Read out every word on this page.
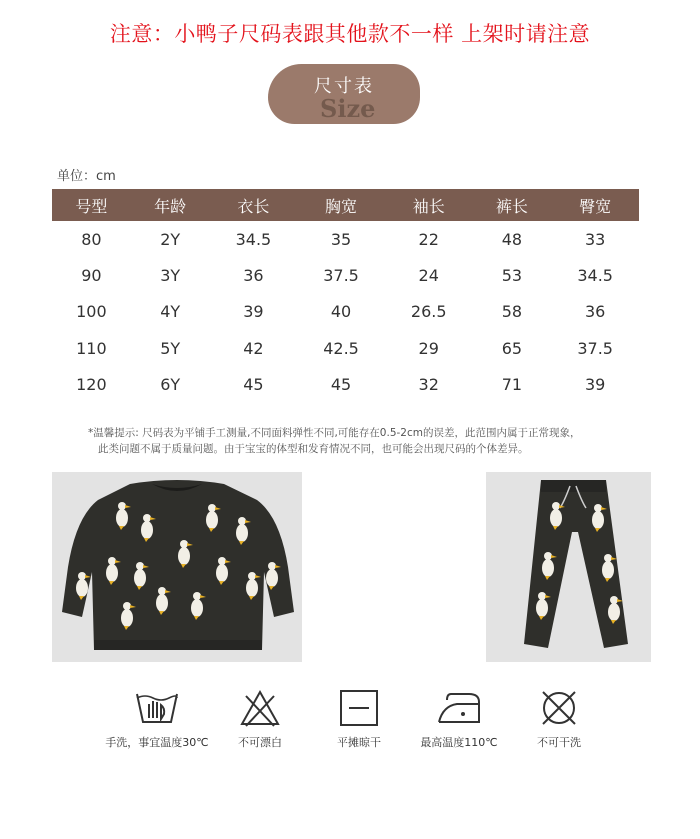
注意：小鸭子尺码表跟其他款不一样 上架时请注意
尺寸表
Size
单位：cm
号型	年龄	衣长	胸宽	袖长	裤长	臀宽
80	2Y	34.5	35	22	48	33
90	3Y	36	37.5	24	53	34.5
100	4Y	39	40	26.5	58	36
110	5Y	42	42.5	29	65	37.5
120	6Y	45	45	32	71	39
*温馨提示: 尺码表为平铺手工测量,不同面料弹性不同,可能存在0.5-2cm的误差，此范围内属于正常现象，
此类问题不属于质量问题。由于宝宝的体型和发育情况不同，也可能会出现尺码的个体差异。
手洗，事宜温度30℃	不可漂白	平摊晾干	最高温度110℃	不可干洗
